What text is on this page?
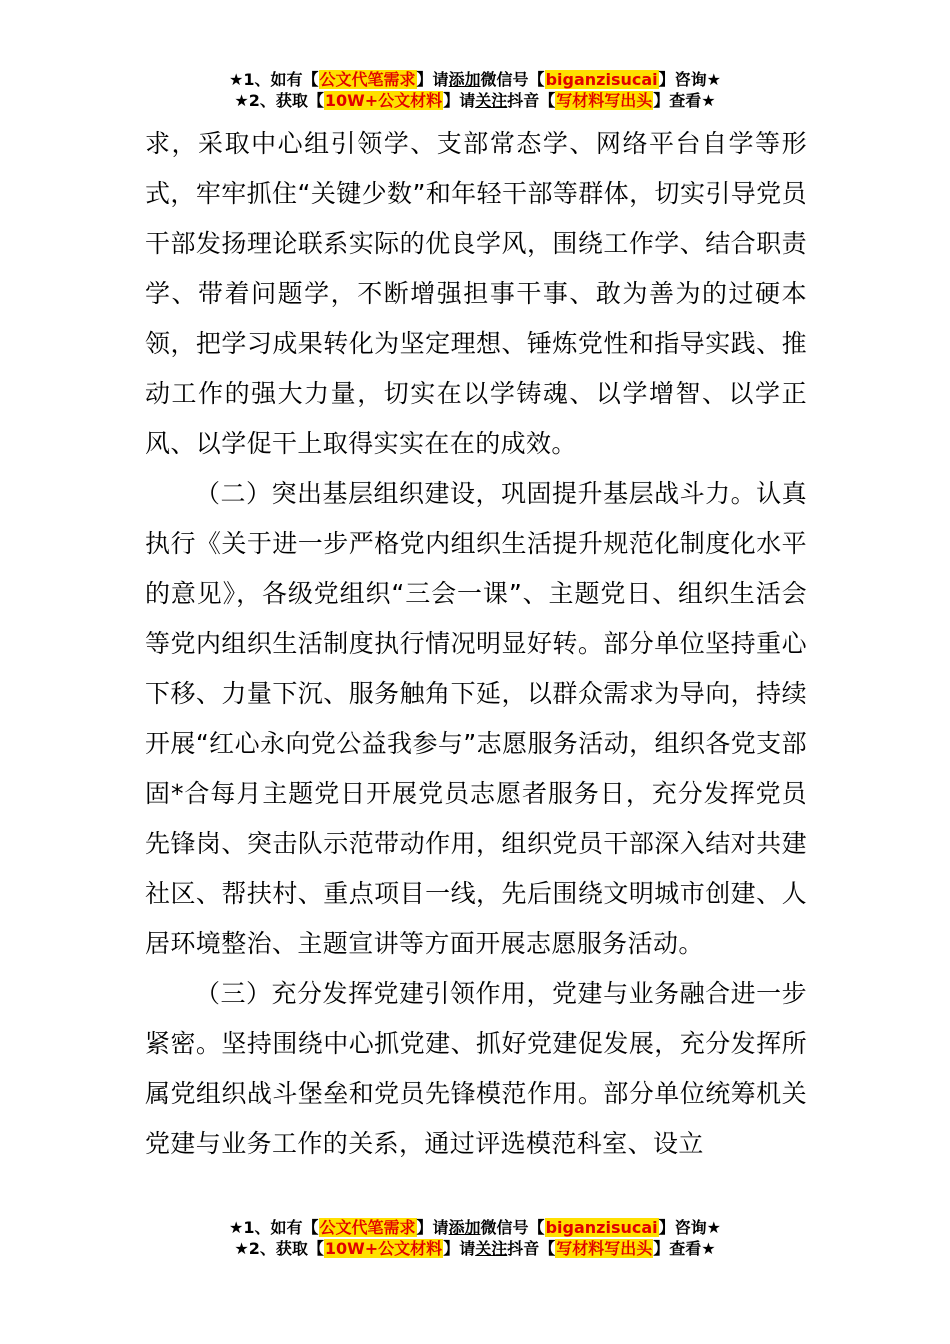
★1、如有【公文代笔需求】请添加微信号【biganzisucai】咨询★
★2、获取【10W+公文材料】请关注抖音【写材料写出头】查看★

求，采取中心组引领学、支部常态学、网络平台自学等形式，牢牢抓住“关键少数”和年轻干部等群体，切实引导党员干部发扬理论联系实际的优良学风，围绕工作学、结合职责学、带着问题学，不断增强担事干事、敢为善为的过硬本领，把学习成果转化为坚定理想、锤炼党性和指导实践、推动工作的强大力量，切实在以学铸魂、以学增智、以学正风、以学促干上取得实实在在的成效。

（二）突出基层组织建设，巩固提升基层战斗力。认真执行《关于进一步严格党内组织生活提升规范化制度化水平的意见》，各级党组织“三会一课”、主题党日、组织生活会等党内组织生活制度执行情况明显好转。部分单位坚持重心下移、力量下沉、服务触角下延，以群众需求为导向，持续开展“红心永向党公益我参与”志愿服务活动，组织各党支部固*合每月主题党日开展党员志愿者服务日，充分发挥党员先锋岗、突击队示范带动作用，组织党员干部深入结对共建社区、帮扶村、重点项目一线，先后围绕文明城市创建、人居环境整治、主题宣讲等方面开展志愿服务活动。

（三）充分发挥党建引领作用，党建与业务融合进一步紧密。坚持围绕中心抓党建、抓好党建促发展，充分发挥所属党组织战斗堡垒和党员先锋模范作用。部分单位统筹机关党建与业务工作的关系，通过评选模范科室、设立

★1、如有【公文代笔需求】请添加微信号【biganzisucai】咨询★
★2、获取【10W+公文材料】请关注抖音【写材料写出头】查看★
